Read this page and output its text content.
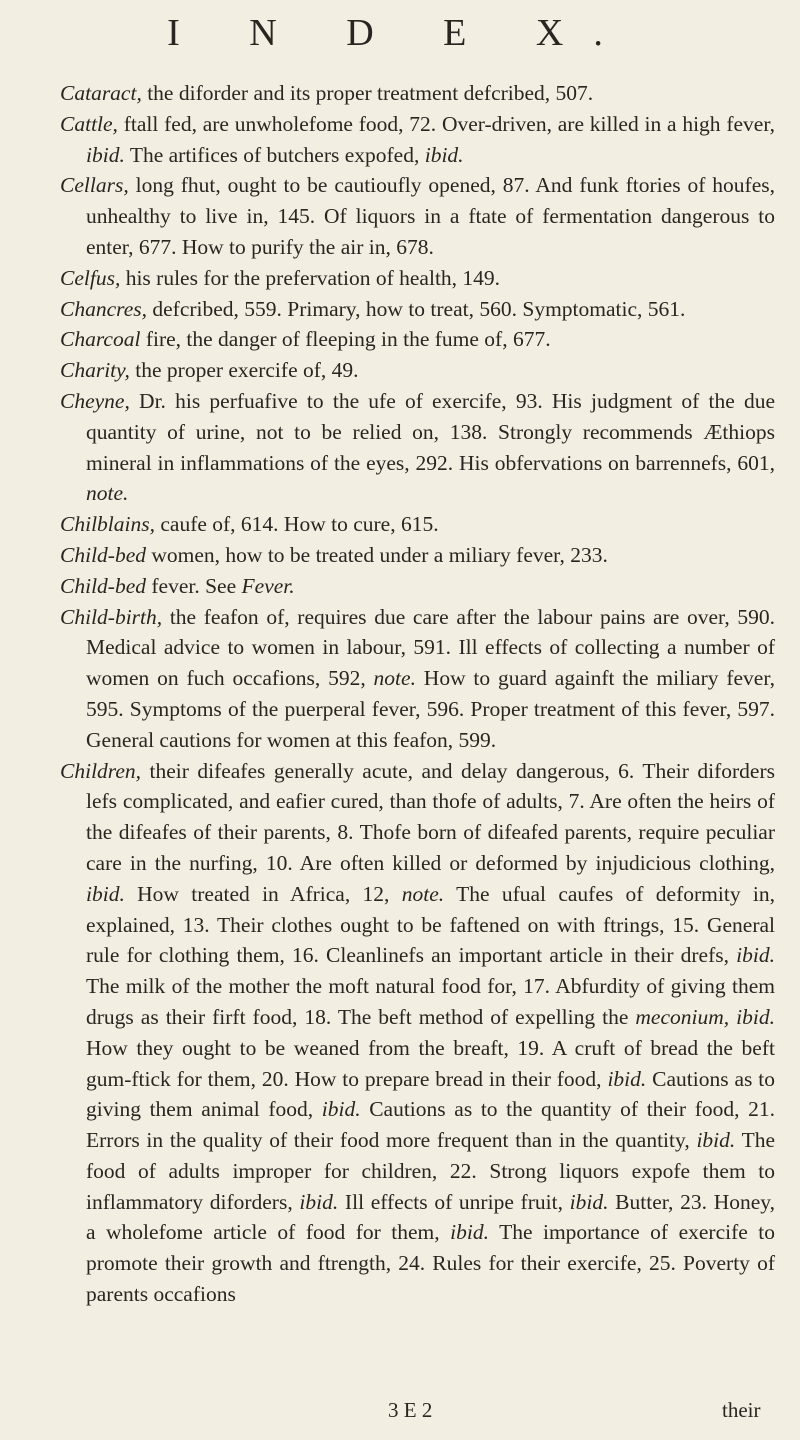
I N D E X.

Cataract, the diforder and its proper treatment defcribed, 507.

Cattle, ftall fed, are unwholefome food, 72. Over-driven, are killed in a high fever, ibid. The artifices of butchers expofed, ibid.

Cellars, long fhut, ought to be cautioufly opened, 87. And funk ftories of houfes, unhealthy to live in, 145. Of liquors in a ftate of fermentation dangerous to enter, 677. How to purify the air in, 678.

Celfus, his rules for the prefervation of health, 149.

Chancres, defcribed, 559. Primary, how to treat, 560. Symptomatic, 561.

Charcoal fire, the danger of fleeping in the fume of, 677.

Charity, the proper exercife of, 49.

Cheyne, Dr. his perfuafive to the ufe of exercife, 93. His judgment of the due quantity of urine, not to be relied on, 138. Strongly recommends Æthiops mineral in inflammations of the eyes, 292. His obfervations on barrennefs, 601, note.

Chilblains, caufe of, 614. How to cure, 615.

Child-bed women, how to be treated under a miliary fever, 233.

Child-bed fever. See Fever.

Child-birth, the feafon of, requires due care after the labour pains are over, 590. Medical advice to women in labour, 591. Ill effects of collecting a number of women on fuch occafions, 592, note. How to guard againft the miliary fever, 595. Symptoms of the puerperal fever, 596. Proper treatment of this fever, 597. General cautions for women at this feafon, 599.

Children, their difeafes generally acute, and delay dangerous, 6. Their diforders lefs complicated, and eafier cured, than thofe of adults, 7. Are often the heirs of the difeafes of their parents, 8. Thofe born of difeafed parents, require peculiar care in the nurfing, 10. Are often killed or deformed by injudicious clothing, ibid. How treated in Africa, 12, note. The ufual caufes of deformity in, explained, 13. Their clothes ought to be faftened on with ftrings, 15. General rule for clothing them, 16. Cleanlinefs an important article in their drefs, ibid. The milk of the mother the moft natural food for, 17. Abfurdity of giving them drugs as their firft food, 18. The beft method of expelling the meconium, ibid. How they ought to be weaned from the breaft, 19. A cruft of bread the beft gum-ftick for them, 20. How to prepare bread in their food, ibid. Cautions as to giving them animal food, ibid. Cautions as to the quantity of their food, 21. Errors in the quality of their food more frequent than in the quantity, ibid. The food of adults improper for children, 22. Strong liquors expofe them to inflammatory diforders, ibid. Ill effects of unripe fruit, ibid. Butter, 23. Honey, a wholefome article of food for them, ibid. The importance of exercife to promote their growth and ftrength, 24. Rules for their exercife, 25. Poverty of parents occafions

3 E 2	their
